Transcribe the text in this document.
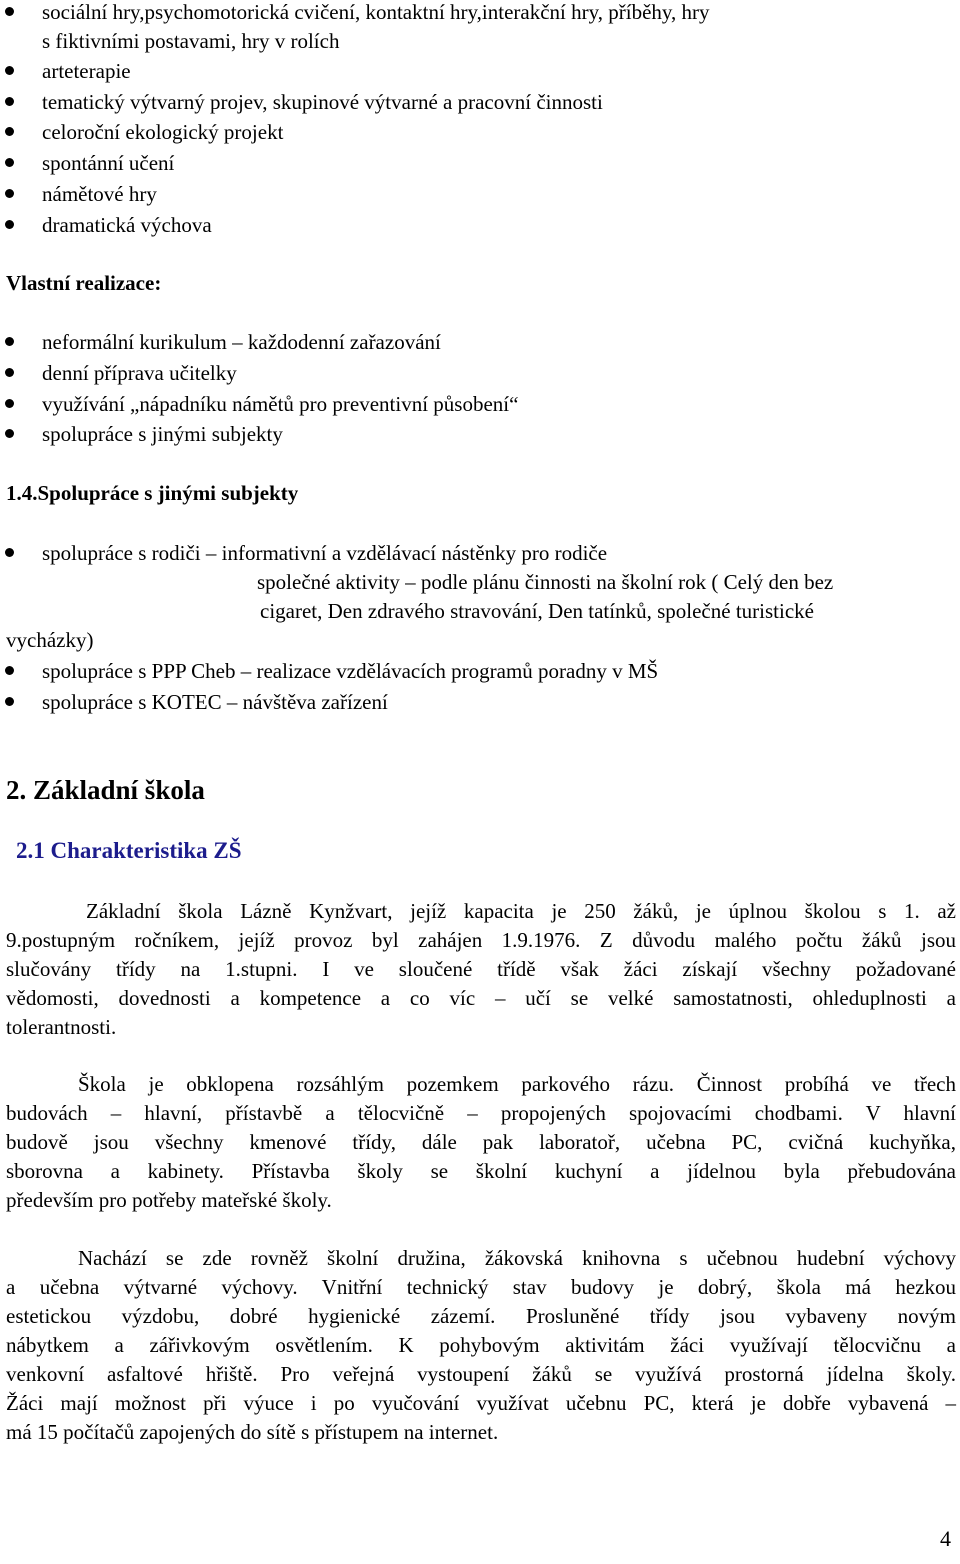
sociální hry,psychomotorická cvičení, kontaktní hry,interakční hry, příběhy, hry
s fiktivními postavami, hry v rolích
arteterapie
tematický výtvarný projev, skupinové výtvarné a pracovní činnosti
celoroční ekologický projekt
spontánní učení
námětové hry
dramatická výchova
Vlastní realizace:
neformální kurikulum – každodenní zařazování
denní příprava učitelky
využívání „nápadníku námětů pro preventivní působení“
spolupráce s jinými subjekty
1.4.Spolupráce s jinými subjekty
spolupráce s rodiči – informativní a vzdělávací nástěnky pro rodiče
společné aktivity – podle plánu činnosti na školní rok ( Celý den bez
cigaret, Den zdravého stravování, Den tatínků, společné turistické
vycházky)
spolupráce s PPP Cheb – realizace vzdělávacích programů poradny v MŠ
spolupráce s KOTEC – návštěva zařízení
2. Základní škola
2.1 Charakteristika ZŠ
Základní škola Lázně Kynžvart, jejíž kapacita je 250 žáků, je úplnou školou s 1. až
9.postupným ročníkem, jejíž provoz byl zahájen 1.9.1976. Z důvodu malého počtu žáků jsou
slučovány třídy na 1.stupni. I ve sloučené třídě však žáci získají všechny požadované
vědomosti, dovednosti a kompetence a co víc – učí se velké samostatnosti, ohleduplnosti a
tolerantnosti.
Škola je obklopena rozsáhlým pozemkem parkového rázu. Činnost probíhá ve třech
budovách – hlavní, přístavbě a tělocvičně – propojených spojovacími chodbami. V hlavní
budově jsou všechny kmenové třídy, dále pak laboratoř, učebna PC, cvičná kuchyňka,
sborovna a kabinety. Přístavba školy se školní kuchyní a jídelnou byla přebudována
především pro potřeby mateřské školy.
Nachází se zde rovněž školní družina, žákovská knihovna s učebnou hudební výchovy
a učebna výtvarné výchovy. Vnitřní technický stav budovy je dobrý, škola má hezkou
estetickou výzdobu, dobré hygienické zázemí. Prosluněné třídy jsou vybaveny novým
nábytkem a zářivkovým osvětlením. K pohybovým aktivitám žáci využívají tělocvičnu a
venkovní asfaltové hřiště. Pro veřejná vystoupení žáků se využívá prostorná jídelna školy.
Žáci mají možnost při výuce i po vyučování využívat učebnu PC, která je dobře vybavená –
má 15 počítačů zapojených do sítě s přístupem na internet.
4
